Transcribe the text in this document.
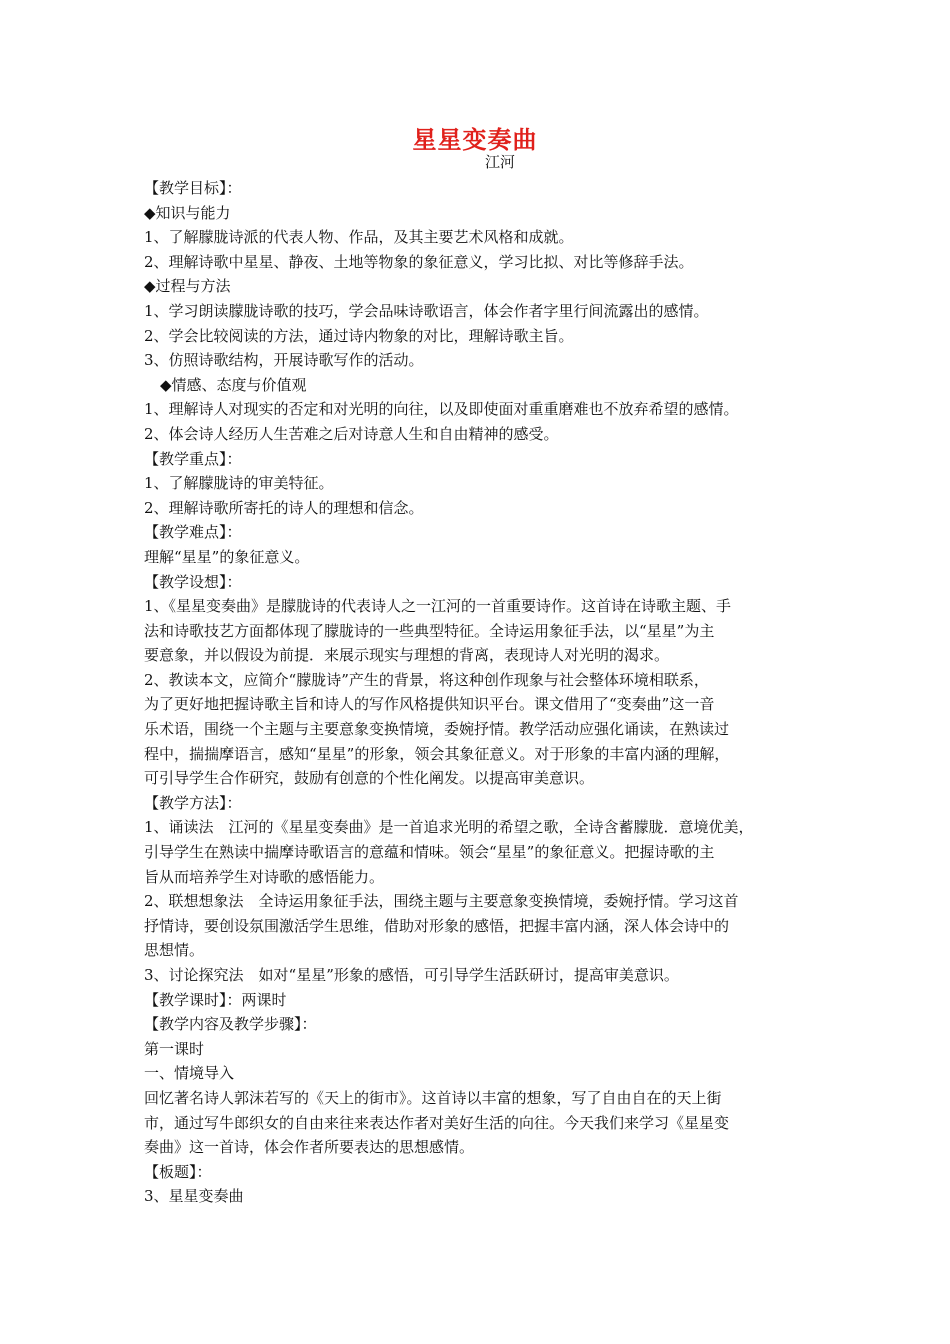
星星变奏曲
江河

【教学目标】：

◆知识与能力

1、了解朦胧诗派的代表人物、作品，及其主要艺术风格和成就。

2、理解诗歌中星星、静夜、土地等物象的象征意义，学习比拟、对比等修辞手法。

◆过程与方法

1、学习朗读朦胧诗歌的技巧，学会品味诗歌语言，体会作者字里行间流露出的感情。

2、学会比较阅读的方法，通过诗内物象的对比，理解诗歌主旨。

3、仿照诗歌结构，开展诗歌写作的活动。

◆情感、态度与价值观

1、理解诗人对现实的否定和对光明的向往，以及即使面对重重磨难也不放弃希望的感情。

2、体会诗人经历人生苦难之后对诗意人生和自由精神的感受。

【教学重点】：

1、了解朦胧诗的审美特征。

2、理解诗歌所寄托的诗人的理想和信念。

【教学难点】：

理解“星星”的象征意义。

【教学设想】：

1、《星星变奏曲》是朦胧诗的代表诗人之一江河的一首重要诗作。这首诗在诗歌主题、手

法和诗歌技艺方面都体现了朦胧诗的一些典型特征。全诗运用象征手法，以“星星”为主

要意象，并以假设为前提．来展示现实与理想的背离，表现诗人对光明的渴求。

2、教读本文，应简介“朦胧诗”产生的背景，将这种创作现象与社会整体环境相联系，

为了更好地把握诗歌主旨和诗人的写作风格提供知识平台。课文借用了“变奏曲”这一音

乐术语，围绕一个主题与主要意象变换情境，委婉抒情。教学活动应强化诵读，在熟读过

程中，揣揣摩语言，感知“星星”的形象，领会其象征意义。对于形象的丰富内涵的理解，

可引导学生合作研究，鼓励有创意的个性化阐发。以提高审美意识。

【教学方法】：

1、诵读法　江河的《星星变奏曲》是一首追求光明的希望之歌，全诗含蓄朦胧．意境优美，

引导学生在熟读中揣摩诗歌语言的意蕴和情味。领会“星星”的象征意义。把握诗歌的主

旨从而培养学生对诗歌的感悟能力。

2、联想想象法　全诗运用象征手法，围绕主题与主要意象变换情境，委婉抒情。学习这首

抒情诗，要创设氛围激活学生思维，借助对形象的感悟，把握丰富内涵，深人体会诗中的

思想情。

3、讨论探究法　如对“星星”形象的感悟，可引导学生活跃研讨，提高审美意识。

【教学课时】：两课时

【教学内容及教学步骤】：

第一课时

一、情境导入

回忆著名诗人郭沫若写的《天上的街市》。这首诗以丰富的想象，写了自由自在的天上街

市，通过写牛郎织女的自由来往来表达作者对美好生活的向往。今天我们来学习《星星变

奏曲》这一首诗，体会作者所要表达的思想感情。

【板题】：

3、星星变奏曲
